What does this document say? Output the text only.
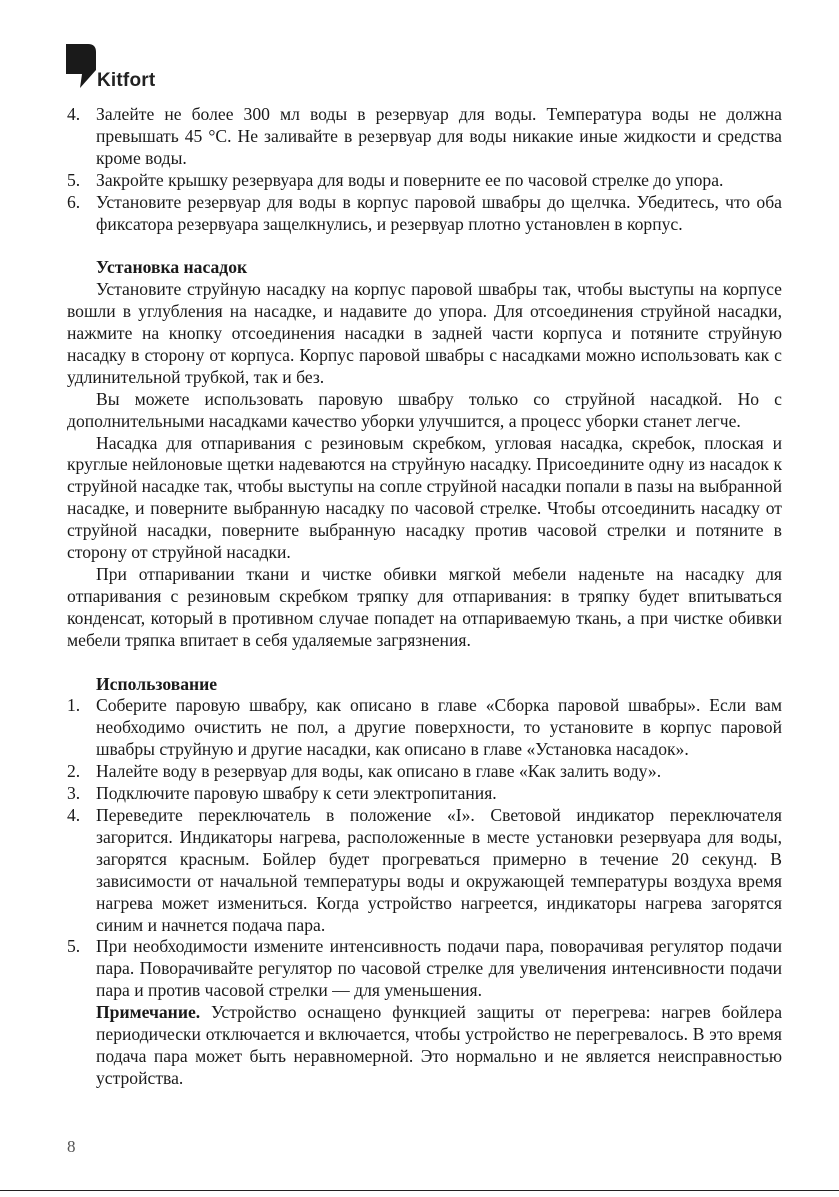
Kitfort
4. Залейте не более 300 мл воды в резервуар для воды. Температура воды не должна превышать 45 °С. Не заливайте в резервуар для воды никакие иные жидкости и средства кроме воды.
5. Закройте крышку резервуара для воды и поверните ее по часовой стрелке до упора.
6. Установите резервуар для воды в корпус паровой швабры до щелчка. Убедитесь, что оба фиксатора резервуара защелкнулись, и резервуар плотно установлен в корпус.
Установка насадок

Установите струйную насадку на корпус паровой швабры так, чтобы выступы на корпусе вошли в углубления на насадке, и надавите до упора. Для отсоединения струйной насадки, нажмите на кнопку отсоединения насадки в задней части корпуса и потяните струйную насадку в сторону от корпуса. Корпус паровой швабры с насадками можно использовать как с удлинительной трубкой, так и без.

Вы можете использовать паровую швабру только со струйной насадкой. Но с дополнительными насадками качество уборки улучшится, а процесс уборки станет легче.

Насадка для отпаривания с резиновым скребком, угловая насадка, скребок, плоская и круглые нейлоновые щетки надеваются на струйную насадку. Присоедините одну из насадок к струйной насадке так, чтобы выступы на сопле струйной насадки попали в пазы на выбранной насадке, и поверните выбранную насадку по часовой стрелке. Чтобы отсоединить насадку от струйной насадки, поверните выбранную насадку против часовой стрелки и потяните в сторону от струйной насадки.

При отпаривании ткани и чистке обивки мягкой мебели наденьте на насадку для отпаривания с резиновым скребком тряпку для отпаривания: в тряпку будет впитываться конденсат, который в противном случае попадет на отпариваемую ткань, а при чистке обивки мебели тряпка впитает в себя удаляемые загрязнения.

Использование
1. Соберите паровую швабру, как описано в главе «Сборка паровой швабры». Если вам необходимо очистить не пол, а другие поверхности, то установите в корпус паровой швабры струйную и другие насадки, как описано в главе «Установка насадок».
2. Налейте воду в резервуар для воды, как описано в главе «Как залить воду».
3. Подключите паровую швабру к сети электропитания.
4. Переведите переключатель в положение «I». Световой индикатор переключателя загорится. Индикаторы нагрева, расположенные в месте установки резервуара для воды, загорятся красным. Бойлер будет прогреваться примерно в течение 20 секунд. В зависимости от начальной температуры воды и окружающей температуры воздуха время нагрева может измениться. Когда устройство нагреется, индикаторы нагрева загорятся синим и начнется подача пара.
5. При необходимости измените интенсивность подачи пара, поворачивая регулятор подачи пара. Поворачивайте регулятор по часовой стрелке для увеличения интенсивности подачи пара и против часовой стрелки — для уменьшения.
Примечание. Устройство оснащено функцией защиты от перегрева: нагрев бойлера периодически отключается и включается, чтобы устройство не перегревалось. В это время подача пара может быть неравномерной. Это нормально и не является неисправностью устройства.
8
